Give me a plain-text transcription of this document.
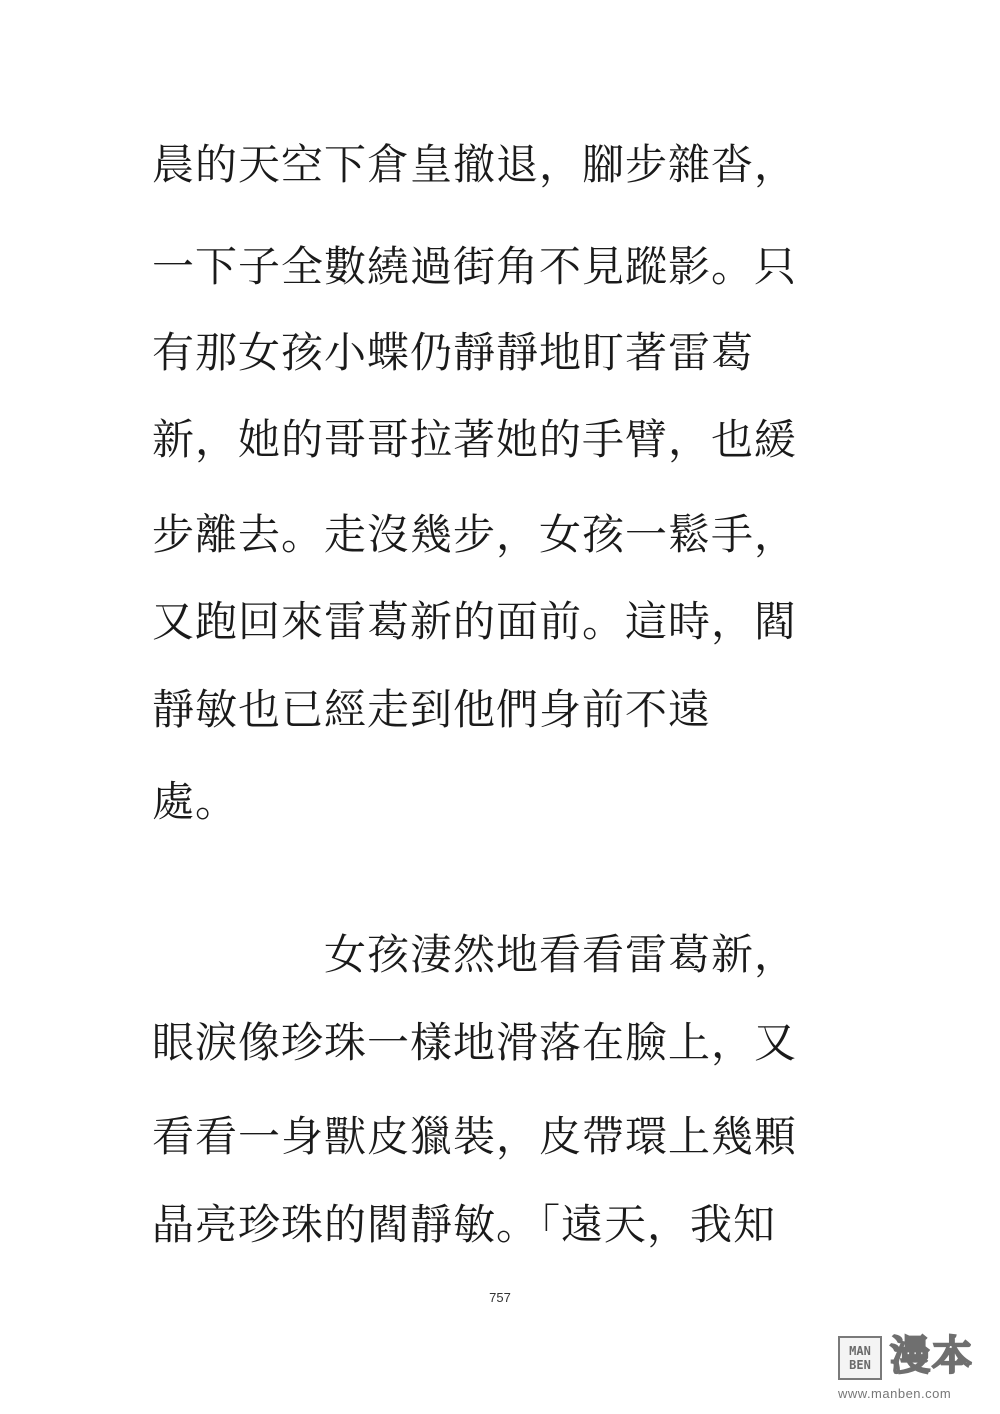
晨的天空下倉皇撤退，腳步雜沓，
一下子全數繞過街角不見蹤影。只
有那女孩小蝶仍靜靜地盯著雷葛
新，她的哥哥拉著她的手臂，也緩
步離去。走沒幾步，女孩一鬆手，
又跑回來雷葛新的面前。這時，閻
靜敏也已經走到他們身前不遠
處。
　　　　女孩淒然地看看雷葛新，
眼淚像珍珠一樣地滑落在臉上，又
看看一身獸皮獵裝，皮帶環上幾顆
晶亮珍珠的閻靜敏。「遠天，我知
757
MAN
BEN 漫本
www.manben.com
